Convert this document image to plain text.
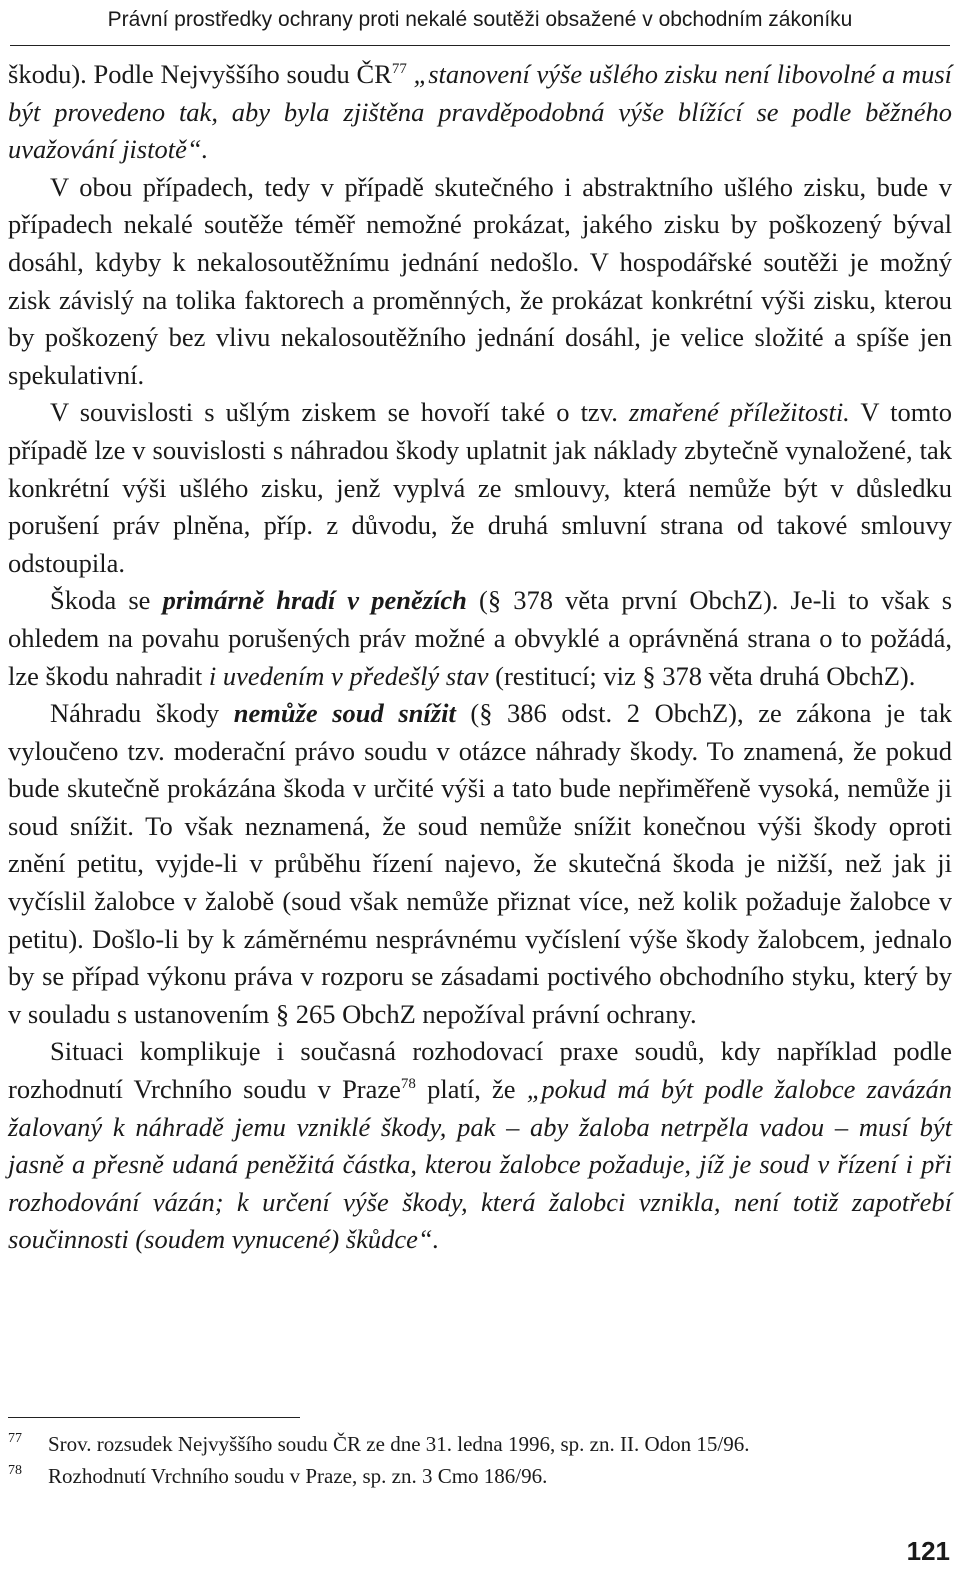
Právní prostředky ochrany proti nekalé soutěži obsažené v obchodním zákoníku

škodu). Podle Nejvyššího soudu ČR$^{77}$ „stanovení výše ušlého zisku není libovolné a musí být provedeno tak, aby byla zjištěna pravděpodobná výše blížící se podle běžného uvažování jistotě“.

V obou případech, tedy v případě skutečného i abstraktního ušlého zisku, bude v případech nekalé soutěže téměř nemožné prokázat, jakého zisku by poškozený býval dosáhl, kdyby k nekalosoutěžnímu jednání nedošlo. V hospodářské soutěži je možný zisk závislý na tolika faktorech a proměnných, že prokázat konkrétní výši zisku, kterou by poškozený bez vlivu nekalosoutěžního jednání dosáhl, je velice složité a spíše jen spekulativní.

V souvislosti s ušlým ziskem se hovoří také o tzv. zmařené příležitosti. V tomto případě lze v souvislosti s náhradou škody uplatnit jak náklady zbytečně vynaložené, tak konkrétní výši ušlého zisku, jenž vyplvá ze smlouvy, která nemůže být v důsledku porušení práv plněna, příp. z důvodu, že druhá smluvní strana od takové smlouvy odstoupila.

Škoda se primárně hradí v penězích (§ 378 věta první ObchZ). Je-li to však s ohledem na povahu porušených práv možné a obvyklé a oprávněná strana o to požádá, lze škodu nahradit i uvedením v předešlý stav (restitucí; viz § 378 věta druhá ObchZ).

Náhradu škody nemůže soud snížit (§ 386 odst. 2 ObchZ), ze zákona je tak vyloučeno tzv. moderační právo soudu v otázce náhrady škody. To znamená, že pokud bude skutečně prokázána škoda v určité výši a tato bude nepřiměřeně vysoká, nemůže ji soud snížit. To však neznamená, že soud nemůže snížit konečnou výši škody oproti znění petitu, vyjde-li v průběhu řízení najevo, že skutečná škoda je nižší, než jak ji vyčíslil žalobce v žalobě (soud však nemůže přiznat více, než kolik požaduje žalobce v petitu). Došlo-li by k záměrnému nesprávnému vyčíslení výše škody žalobcem, jednalo by se případ výkonu práva v rozporu se zásadami poctivého obchodního styku, který by v souladu s ustanovením § 265 ObchZ nepožíval právní ochrany.

Situaci komplikuje i současná rozhodovací praxe soudů, kdy například podle rozhodnutí Vrchního soudu v Praze$^{78}$ platí, že „pokud má být podle žalobce zavázán žalovaný k náhradě jemu vzniklé škody, pak – aby žaloba netrpěla vadou – musí být jasně a přesně udaná peněžitá částka, kterou žalobce požaduje, jíž je soud v řízení i při rozhodování vázán; k určení výše škody, která žalobci vznikla, není totiž zapotřebí součinnosti (soudem vynucené) škůdce“.

77	Srov. rozsudek Nejvyššího soudu ČR ze dne 31. ledna 1996, sp. zn. II. Odon 15/96.
78	Rozhodnutí Vrchního soudu v Praze, sp. zn. 3 Cmo 186/96.
121
